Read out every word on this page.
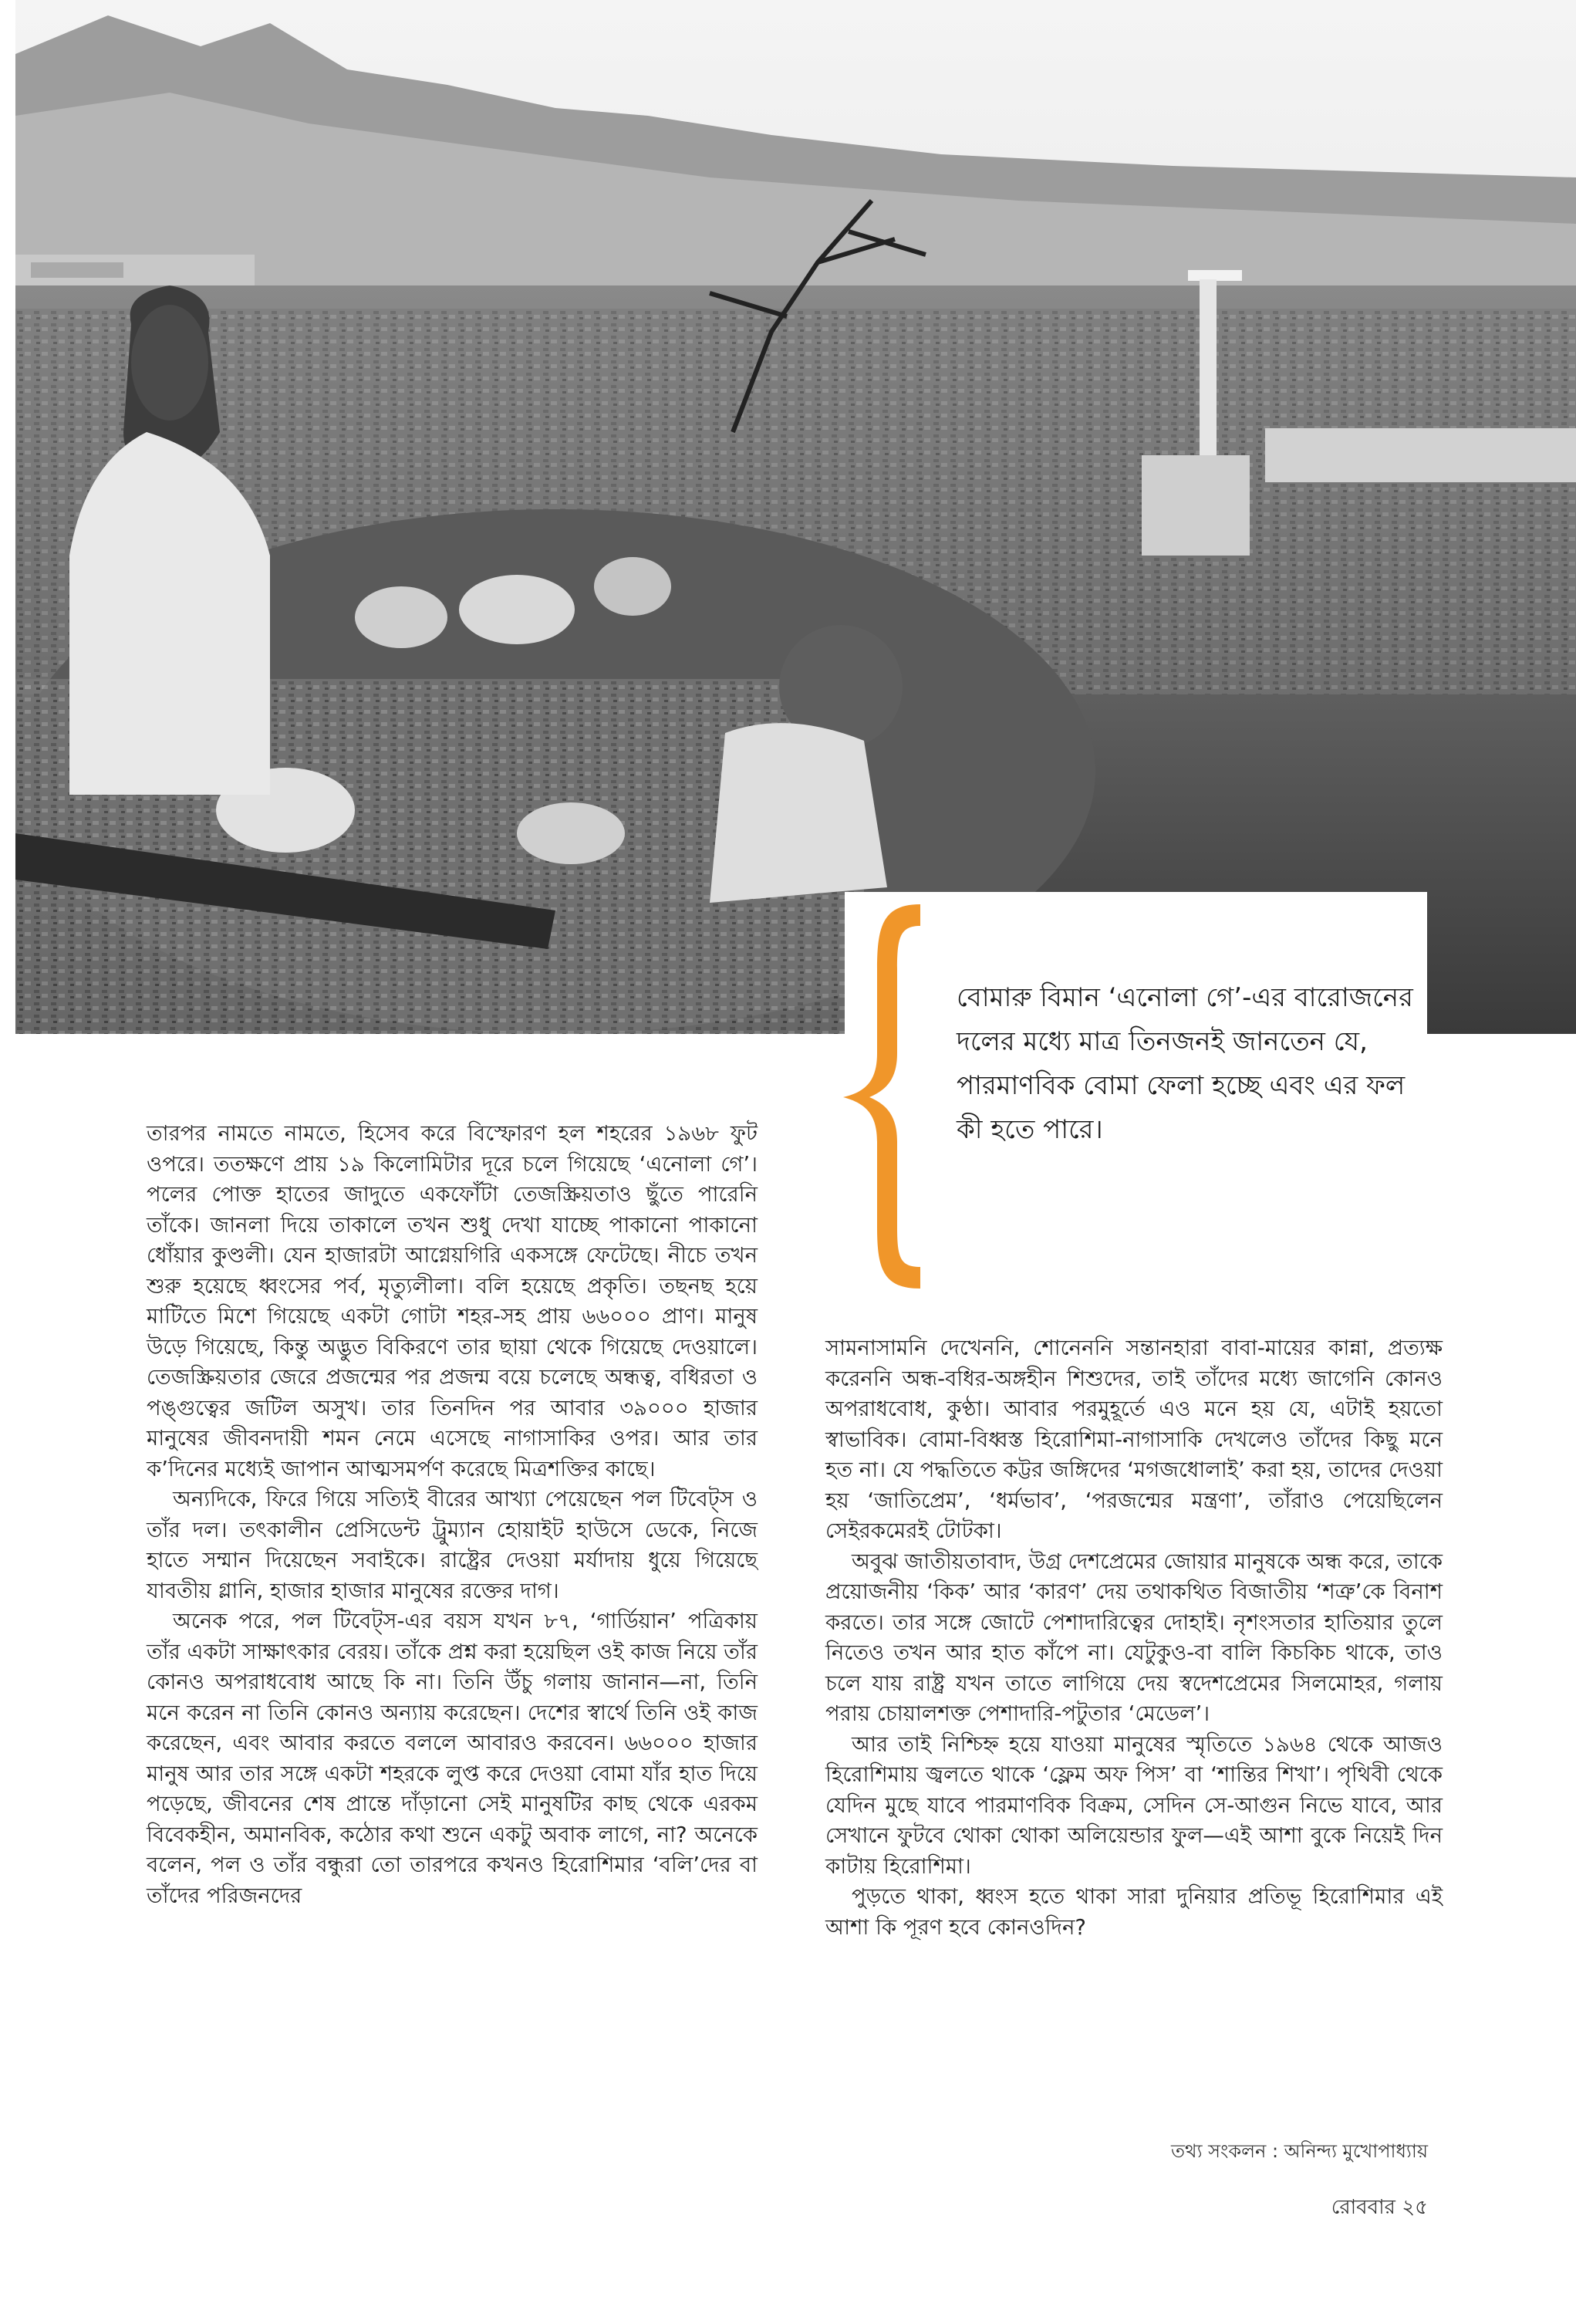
বোমারু বিমান ‘এনোলা গে’-এর বারোজনের দলের মধ্যে মাত্র তিনজনই জানতেন যে, পারমাণবিক বোমা ফেলা হচ্ছে এবং এর ফল কী হতে পারে।

তারপর নামতে নামতে, হিসেব করে বিস্ফোরণ হল শহরের ১৯৬৮ ফুট ওপরে। ততক্ষণে প্রায় ১৯ কিলোমিটার দূরে চলে গিয়েছে ‘এনোলা গে’। পলের পোক্ত হাতের জাদুতে একফোঁটা তেজস্ক্রিয়তাও ছুঁতে পারেনি তাঁকে। জানলা দিয়ে তাকালে তখন শুধু দেখা যাচ্ছে পাকানো পাকানো ধোঁয়ার কুণ্ডলী। যেন হাজারটা আগ্নেয়গিরি একসঙ্গে ফেটেছে। নীচে তখন শুরু হয়েছে ধ্বংসের পর্ব, মৃত্যুলীলা। বলি হয়েছে প্রকৃতি। তছনছ হয়ে মাটিতে মিশে গিয়েছে একটা গোটা শহর-সহ প্রায় ৬৬০০০ প্রাণ। মানুষ উড়ে গিয়েছে, কিন্তু অদ্ভুত বিকিরণে তার ছায়া থেকে গিয়েছে দেওয়ালে। তেজস্ক্রিয়তার জেরে প্রজন্মের পর প্রজন্ম বয়ে চলেছে অন্ধত্ব, বধিরতা ও পঙ্গুত্বের জটিল অসুখ। তার তিনদিন পর আবার ৩৯০০০ হাজার মানুষের জীবনদায়ী শমন নেমে এসেছে নাগাসাকির ওপর। আর তার ক’দিনের মধ্যেই জাপান আত্মসমর্পণ করেছে মিত্রশক্তির কাছে।

অন্যদিকে, ফিরে গিয়ে সত্যিই বীরের আখ্যা পেয়েছেন পল টিবেট্‌স ও তাঁর দল। তৎকালীন প্রেসিডেন্ট ট্রুম্যান হোয়াইট হাউসে ডেকে, নিজে হাতে সম্মান দিয়েছেন সবাইকে। রাষ্ট্রের দেওয়া মর্যাদায় ধুয়ে গিয়েছে যাবতীয় গ্লানি, হাজার হাজার মানুষের রক্তের দাগ।

অনেক পরে, পল টিবেট্‌স-এর বয়স যখন ৮৭, ‘গার্ডিয়ান’ পত্রিকায় তাঁর একটা সাক্ষাৎকার বেরয়। তাঁকে প্রশ্ন করা হয়েছিল ওই কাজ নিয়ে তাঁর কোনও অপরাধবোধ আছে কি না। তিনি উঁচু গলায় জানান—না, তিনি মনে করেন না তিনি কোনও অন্যায় করেছেন। দেশের স্বার্থে তিনি ওই কাজ করেছেন, এবং আবার করতে বললে আবারও করবেন। ৬৬০০০ হাজার মানুষ আর তার সঙ্গে একটা শহরকে লুপ্ত করে দেওয়া বোমা যাঁর হাত দিয়ে পড়েছে, জীবনের শেষ প্রান্তে দাঁড়ানো সেই মানুষটির কাছ থেকে এরকম বিবেকহীন, অমানবিক, কঠোর কথা শুনে একটু অবাক লাগে, না? অনেকে বলেন, পল ও তাঁর বন্ধুরা তো তারপরে কখনও হিরোশিমার ‘বলি’দের বা তাঁদের পরিজনদের

সামনাসামনি দেখেননি, শোনেননি সন্তানহারা বাবা-মায়ের কান্না, প্রত্যক্ষ করেননি অন্ধ-বধির-অঙ্গহীন শিশুদের, তাই তাঁদের মধ্যে জাগেনি কোনও অপরাধবোধ, কুণ্ঠা। আবার পরমুহূর্তে এও মনে হয় যে, এটাই হয়তো স্বাভাবিক। বোমা-বিধ্বস্ত হিরোশিমা-নাগাসাকি দেখলেও তাঁদের কিছু মনে হত না। যে পদ্ধতিতে কট্টর জঙ্গিদের ‘মগজধোলাই’ করা হয়, তাদের দেওয়া হয় ‘জাতিপ্রেম’, ‘ধর্মভাব’, ‘পরজন্মের মন্ত্রণা’, তাঁরাও পেয়েছিলেন সেইরকমেরই টোটকা।

অবুঝ জাতীয়তাবাদ, উগ্র দেশপ্রেমের জোয়ার মানুষকে অন্ধ করে, তাকে প্রয়োজনীয় ‘কিক’ আর ‘কারণ’ দেয় তথাকথিত বিজাতীয় ‘শত্রু’কে বিনাশ করতে। তার সঙ্গে জোটে পেশাদারিত্বের দোহাই। নৃশংসতার হাতিয়ার তুলে নিতেও তখন আর হাত কাঁপে না। যেটুকুও-বা বালি কিচকিচ থাকে, তাও চলে যায় রাষ্ট্র যখন তাতে লাগিয়ে দেয় স্বদেশপ্রেমের সিলমোহর, গলায় পরায় চোয়ালশক্ত পেশাদারি-পটুতার ‘মেডেল’।

আর তাই নিশ্চিহ্ন হয়ে যাওয়া মানুষের স্মৃতিতে ১৯৬৪ থেকে আজও হিরোশিমায় জ্বলতে থাকে ‘ফ্লেম অফ পিস’ বা ‘শান্তির শিখা’। পৃথিবী থেকে যেদিন মুছে যাবে পারমাণবিক বিক্রম, সেদিন সে-আগুন নিভে যাবে, আর সেখানে ফুটবে থোকা থোকা অলিয়েন্ডার ফুল—এই আশা বুকে নিয়েই দিন কাটায় হিরোশিমা।

পুড়তে থাকা, ধ্বংস হতে থাকা সারা দুনিয়ার প্রতিভূ হিরোশিমার এই আশা কি পূরণ হবে কোনওদিন?

তথ্য সংকলন : অনিন্দ্য মুখোপাধ্যায়
রোববার ২৫
